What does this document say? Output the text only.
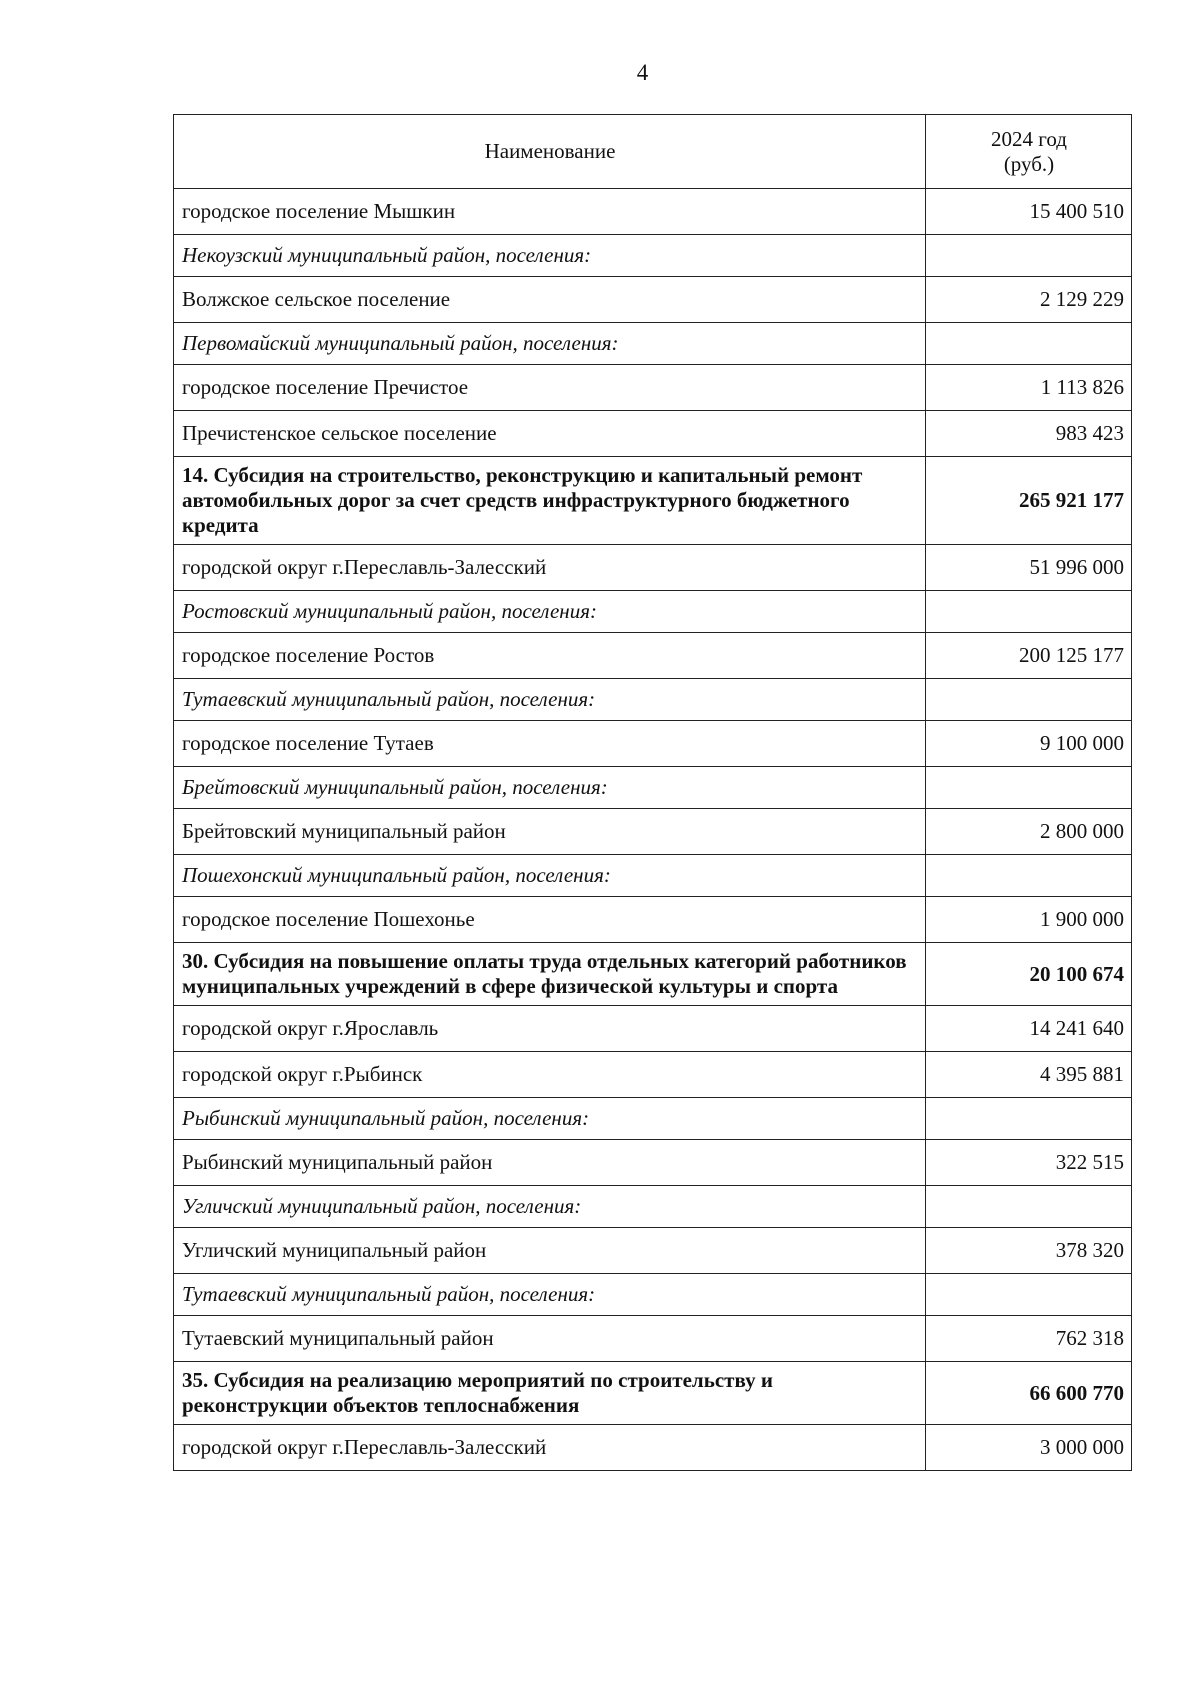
4
Наименование	2024 год
(руб.)
городское поселение Мышкин	15 400 510
Некоузский муниципальный район, поселения:	
Волжское сельское поселение	2 129 229
Первомайский муниципальный район, поселения:	
городское поселение Пречистое	1 113 826
Пречистенское сельское поселение	983 423
14. Субсидия на строительство, реконструкцию и капитальный ремонт автомобильных дорог за счет средств инфраструктурного бюджетного кредита	265 921 177
городской округ г.Переславль-Залесский	51 996 000
Ростовский муниципальный район, поселения:	
городское поселение Ростов	200 125 177
Тутаевский муниципальный район, поселения:	
городское поселение Тутаев	9 100 000
Брейтовский муниципальный район, поселения:	
Брейтовский муниципальный район	2 800 000
Пошехонский муниципальный район, поселения:	
городское поселение Пошехонье	1 900 000
30. Субсидия на повышение оплаты труда отдельных категорий работников муниципальных учреждений в сфере физической культуры и спорта	20 100 674
городской округ г.Ярославль	14 241 640
городской округ г.Рыбинск	4 395 881
Рыбинский муниципальный район, поселения:	
Рыбинский муниципальный район	322 515
Угличский муниципальный район, поселения:	
Угличский муниципальный район	378 320
Тутаевский муниципальный район, поселения:	
Тутаевский муниципальный район	762 318
35. Субсидия на реализацию мероприятий по строительству и реконструкции объектов теплоснабжения	66 600 770
городской округ г.Переславль-Залесский	3 000 000
